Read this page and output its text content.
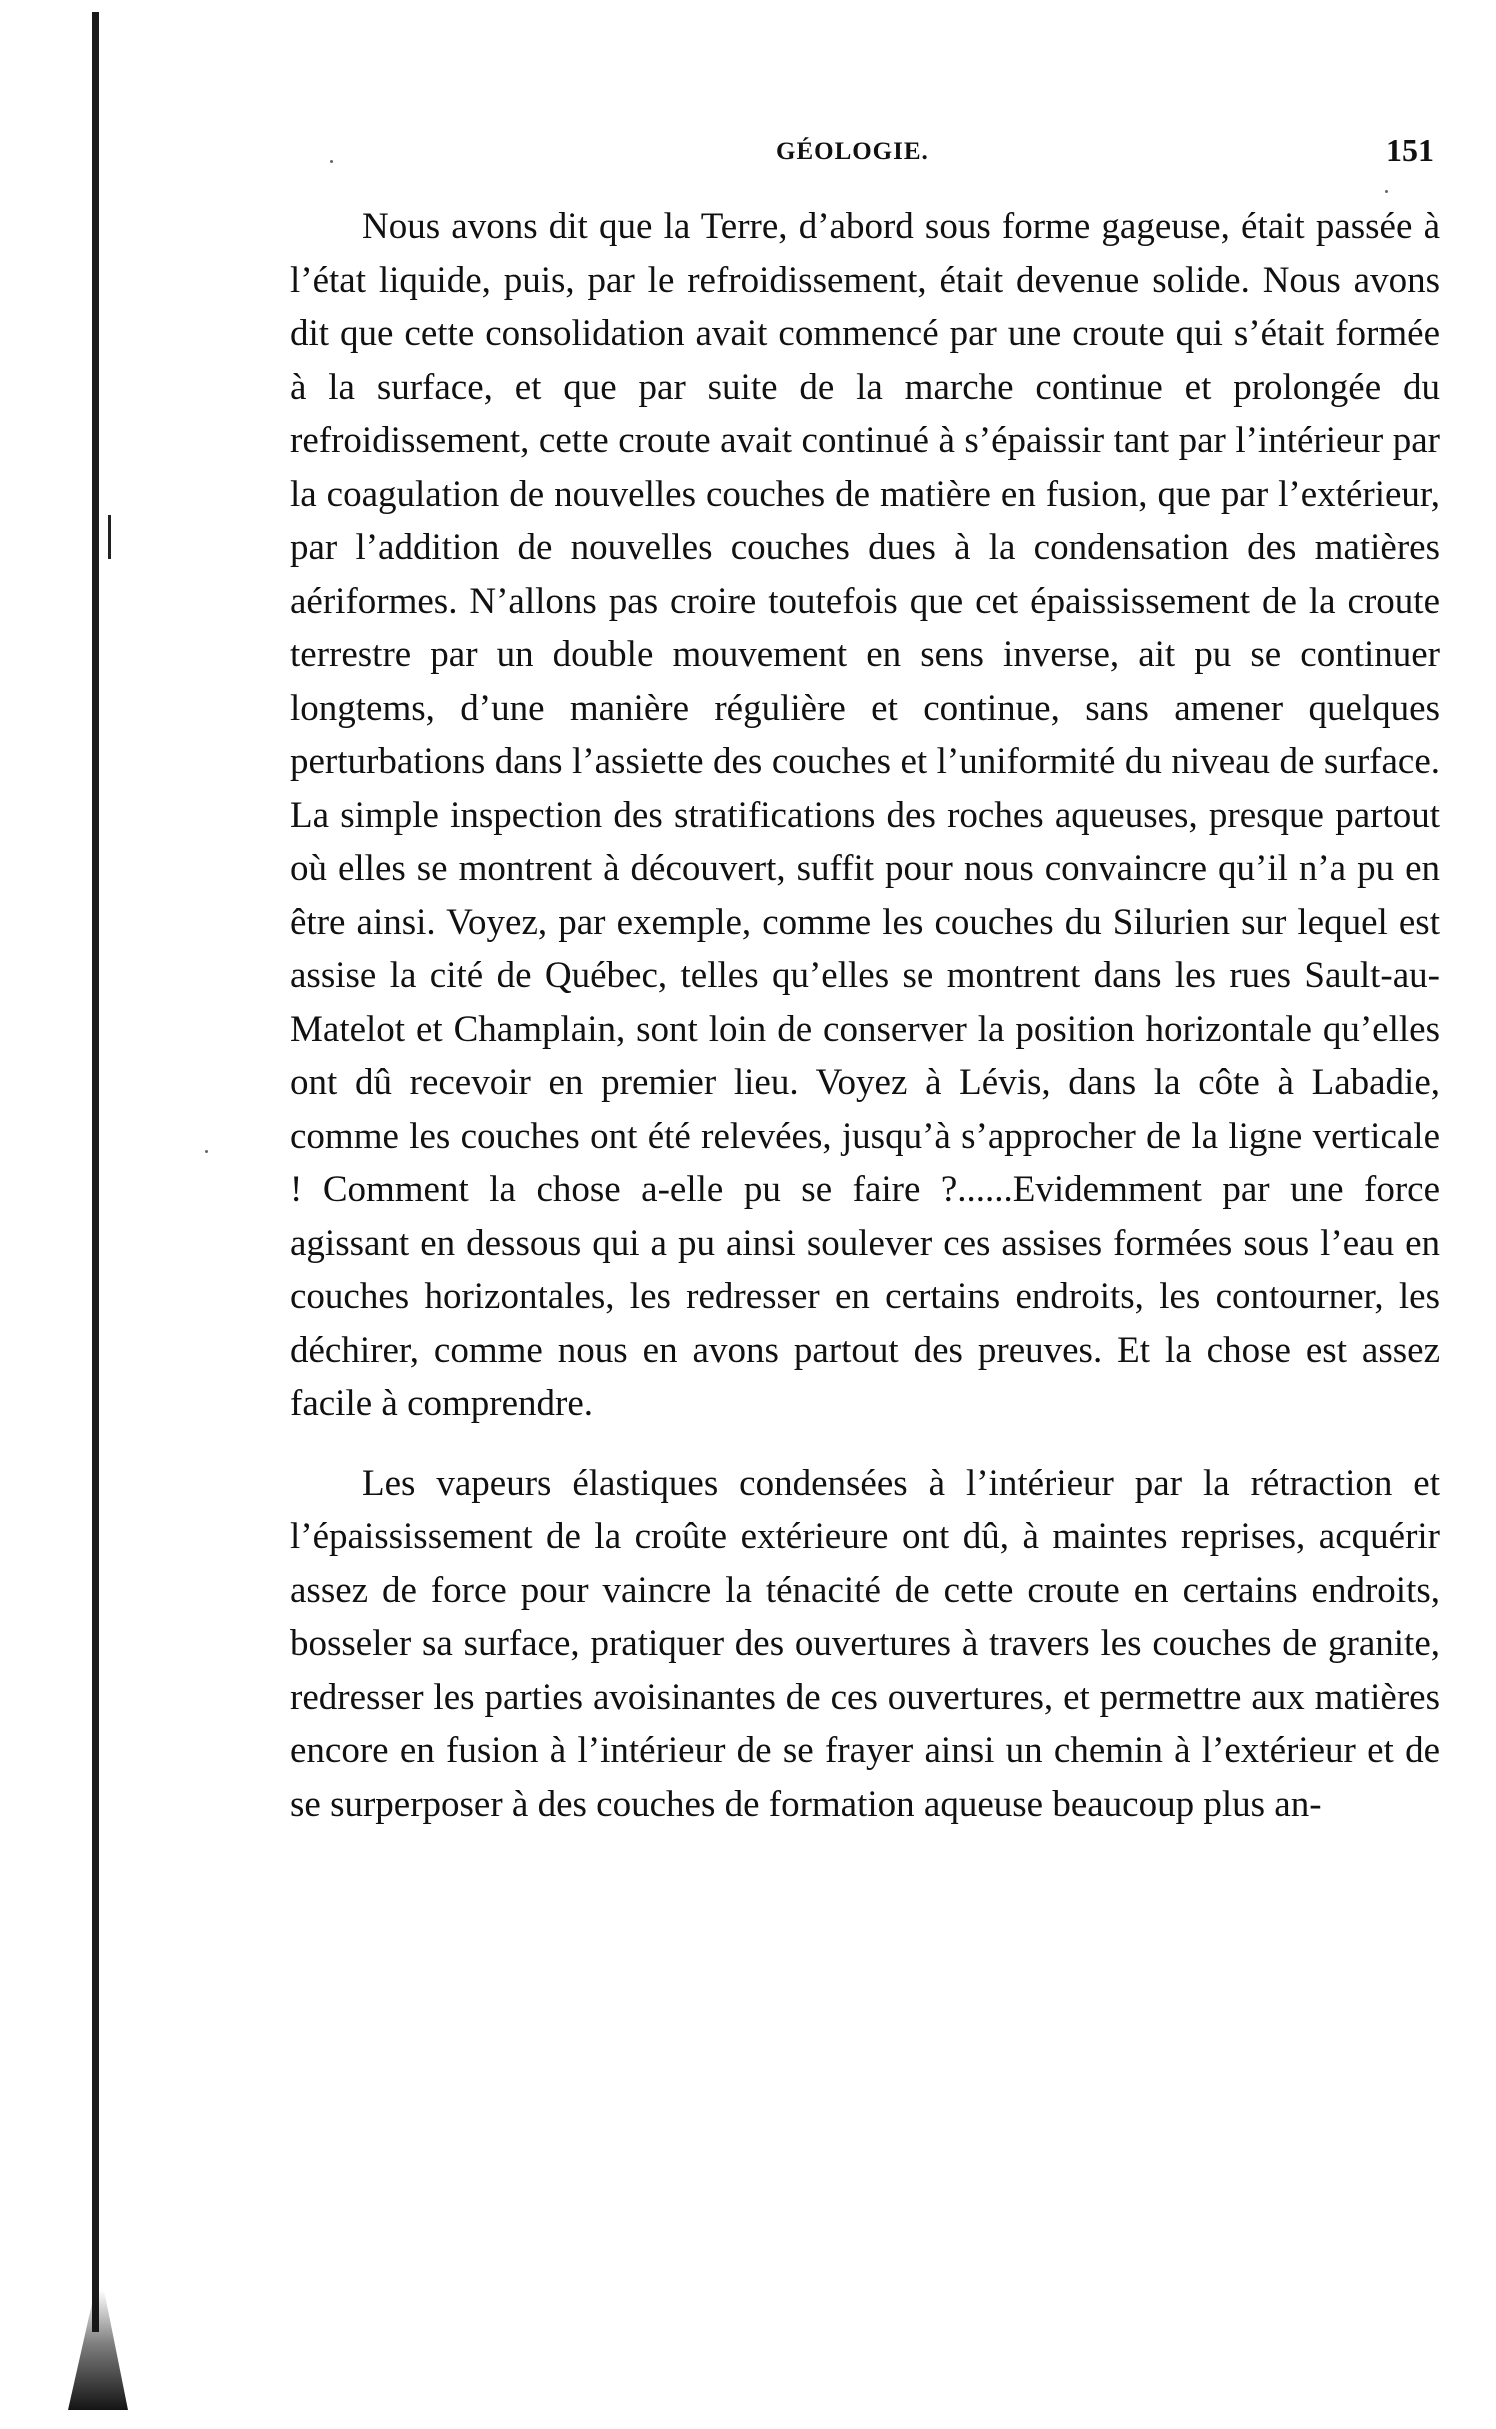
GÉOLOGIE.	151

Nous avons dit que la Terre, d’abord sous forme gageuse, était passée à l’état liquide, puis, par le refroidissement, était devenue solide. Nous avons dit que cette consolidation avait commencé par une croute qui s’était formée à la surface, et que par suite de la marche continue et prolongée du refroidissement, cette croute avait continué à s’épaissir tant par l’intérieur par la coagulation de nouvelles couches de matière en fusion, que par l’extérieur, par l’addition de nouvelles couches dues à la condensation des matières aériformes. N’allons pas croire toutefois que cet épaississement de la croute terrestre par un double mouvement en sens inverse, ait pu se continuer longtems, d’une manière régulière et continue, sans amener quelques perturbations dans l’assiette des couches et l’uniformité du niveau de surface. La simple inspection des stratifications des roches aqueuses, presque partout où elles se montrent à découvert, suffit pour nous convaincre qu’il n’a pu en être ainsi. Voyez, par exemple, comme les couches du Silurien sur lequel est assise la cité de Québec, telles qu’elles se montrent dans les rues Sault-au-Matelot et Champlain, sont loin de conserver la position horizontale qu’elles ont dû recevoir en premier lieu. Voyez à Lévis, dans la côte à Labadie, comme les couches ont été relevées, jusqu’à s’approcher de la ligne verticale ! Comment la chose a-elle pu se faire ?......Evidemment par une force agissant en dessous qui a pu ainsi soulever ces assises formées sous l’eau en couches horizontales, les redresser en certains endroits, les contourner, les déchirer, comme nous en avons partout des preuves. Et la chose est assez facile à comprendre.

Les vapeurs élastiques condensées à l’intérieur par la rétraction et l’épaississement de la croûte extérieure ont dû, à maintes reprises, acquérir assez de force pour vaincre la ténacité de cette croute en certains endroits, bosseler sa surface, pratiquer des ouvertures à travers les couches de granite, redresser les parties avoisinantes de ces ouvertures, et permettre aux matières encore en fusion à l’intérieur de se frayer ainsi un chemin à l’extérieur et de se surperposer à des couches de formation aqueuse beaucoup plus an-
